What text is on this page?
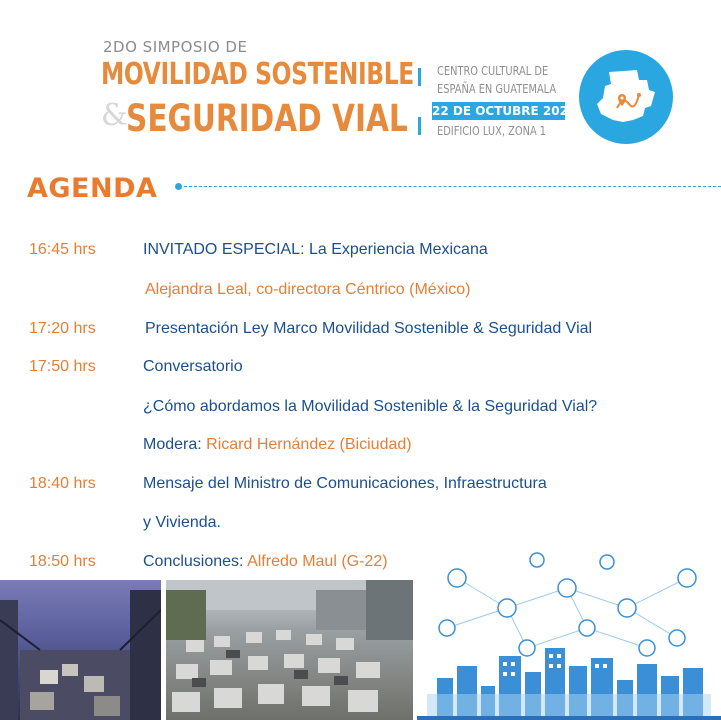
2DO SIMPOSIO DE
MOVILIDAD SOSTENIBLE
&
SEGURIDAD VIAL
CENTRO CULTURAL DE
ESPAÑA EN GUATEMALA
22 DE OCTUBRE 2024
EDIFICIO LUX, ZONA 1
AGENDA
16:45 hrs	INVITADO ESPECIAL: La Experiencia Mexicana
Alejandra Leal, co-directora Céntrico (México)
17:20 hrs	Presentación Ley Marco Movilidad Sostenible & Seguridad Vial
17:50 hrs	Conversatorio
¿Cómo abordamos la Movilidad Sostenible & la Seguridad Vial?
Modera: Ricard Hernández (Biciudad)
18:40 hrs	Mensaje del Ministro de Comunicaciones, Infraestructura
y Vivienda.
18:50 hrs	Conclusiones: Alfredo Maul (G-22)
